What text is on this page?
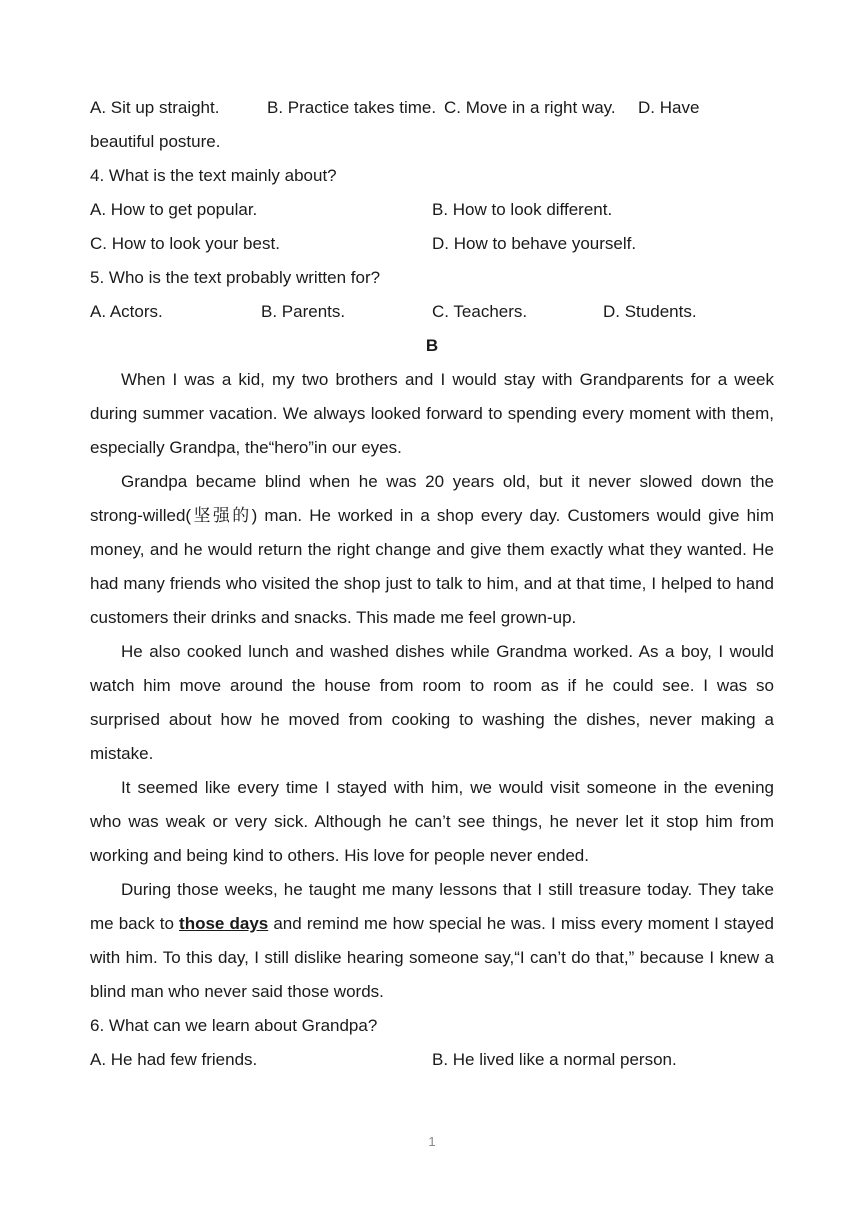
A. Sit up straight.	B. Practice takes time. C. Move in a right way. D. Have
beautiful posture.
4. What is the text mainly about?
A. How to get popular.	B. How to look different.
C. How to look your best.	D. How to behave yourself.
5. Who is the text probably written for?
A. Actors.	B. Parents.	C. Teachers.	D. Students.
B

When I was a kid, my two brothers and I would stay with Grandparents for a week during summer vacation. We always looked forward to spending every moment with them, especially Grandpa, the“hero”in our eyes.

Grandpa became blind when he was 20 years old, but it never slowed down the strong-willed(坚强的) man. He worked in a shop every day. Customers would give him money, and he would return the right change and give them exactly what they wanted. He had many friends who visited the shop just to talk to him, and at that time, I helped to hand customers their drinks and snacks. This made me feel grown-up.

He also cooked lunch and washed dishes while Grandma worked. As a boy, I would watch him move around the house from room to room as if he could see. I was so surprised about how he moved from cooking to washing the dishes, never making a mistake.

It seemed like every time I stayed with him, we would visit someone in the evening who was weak or very sick. Although he can’t see things, he never let it stop him from working and being kind to others. His love for people never ended.

During those weeks, he taught me many lessons that I still treasure today. They take me back to those days and remind me how special he was. I miss every moment I stayed with him. To this day, I still dislike hearing someone say,“I can’t do that,” because I knew a blind man who never said those words.

6. What can we learn about Grandpa?
A. He had few friends.	B. He lived like a normal person.
1
